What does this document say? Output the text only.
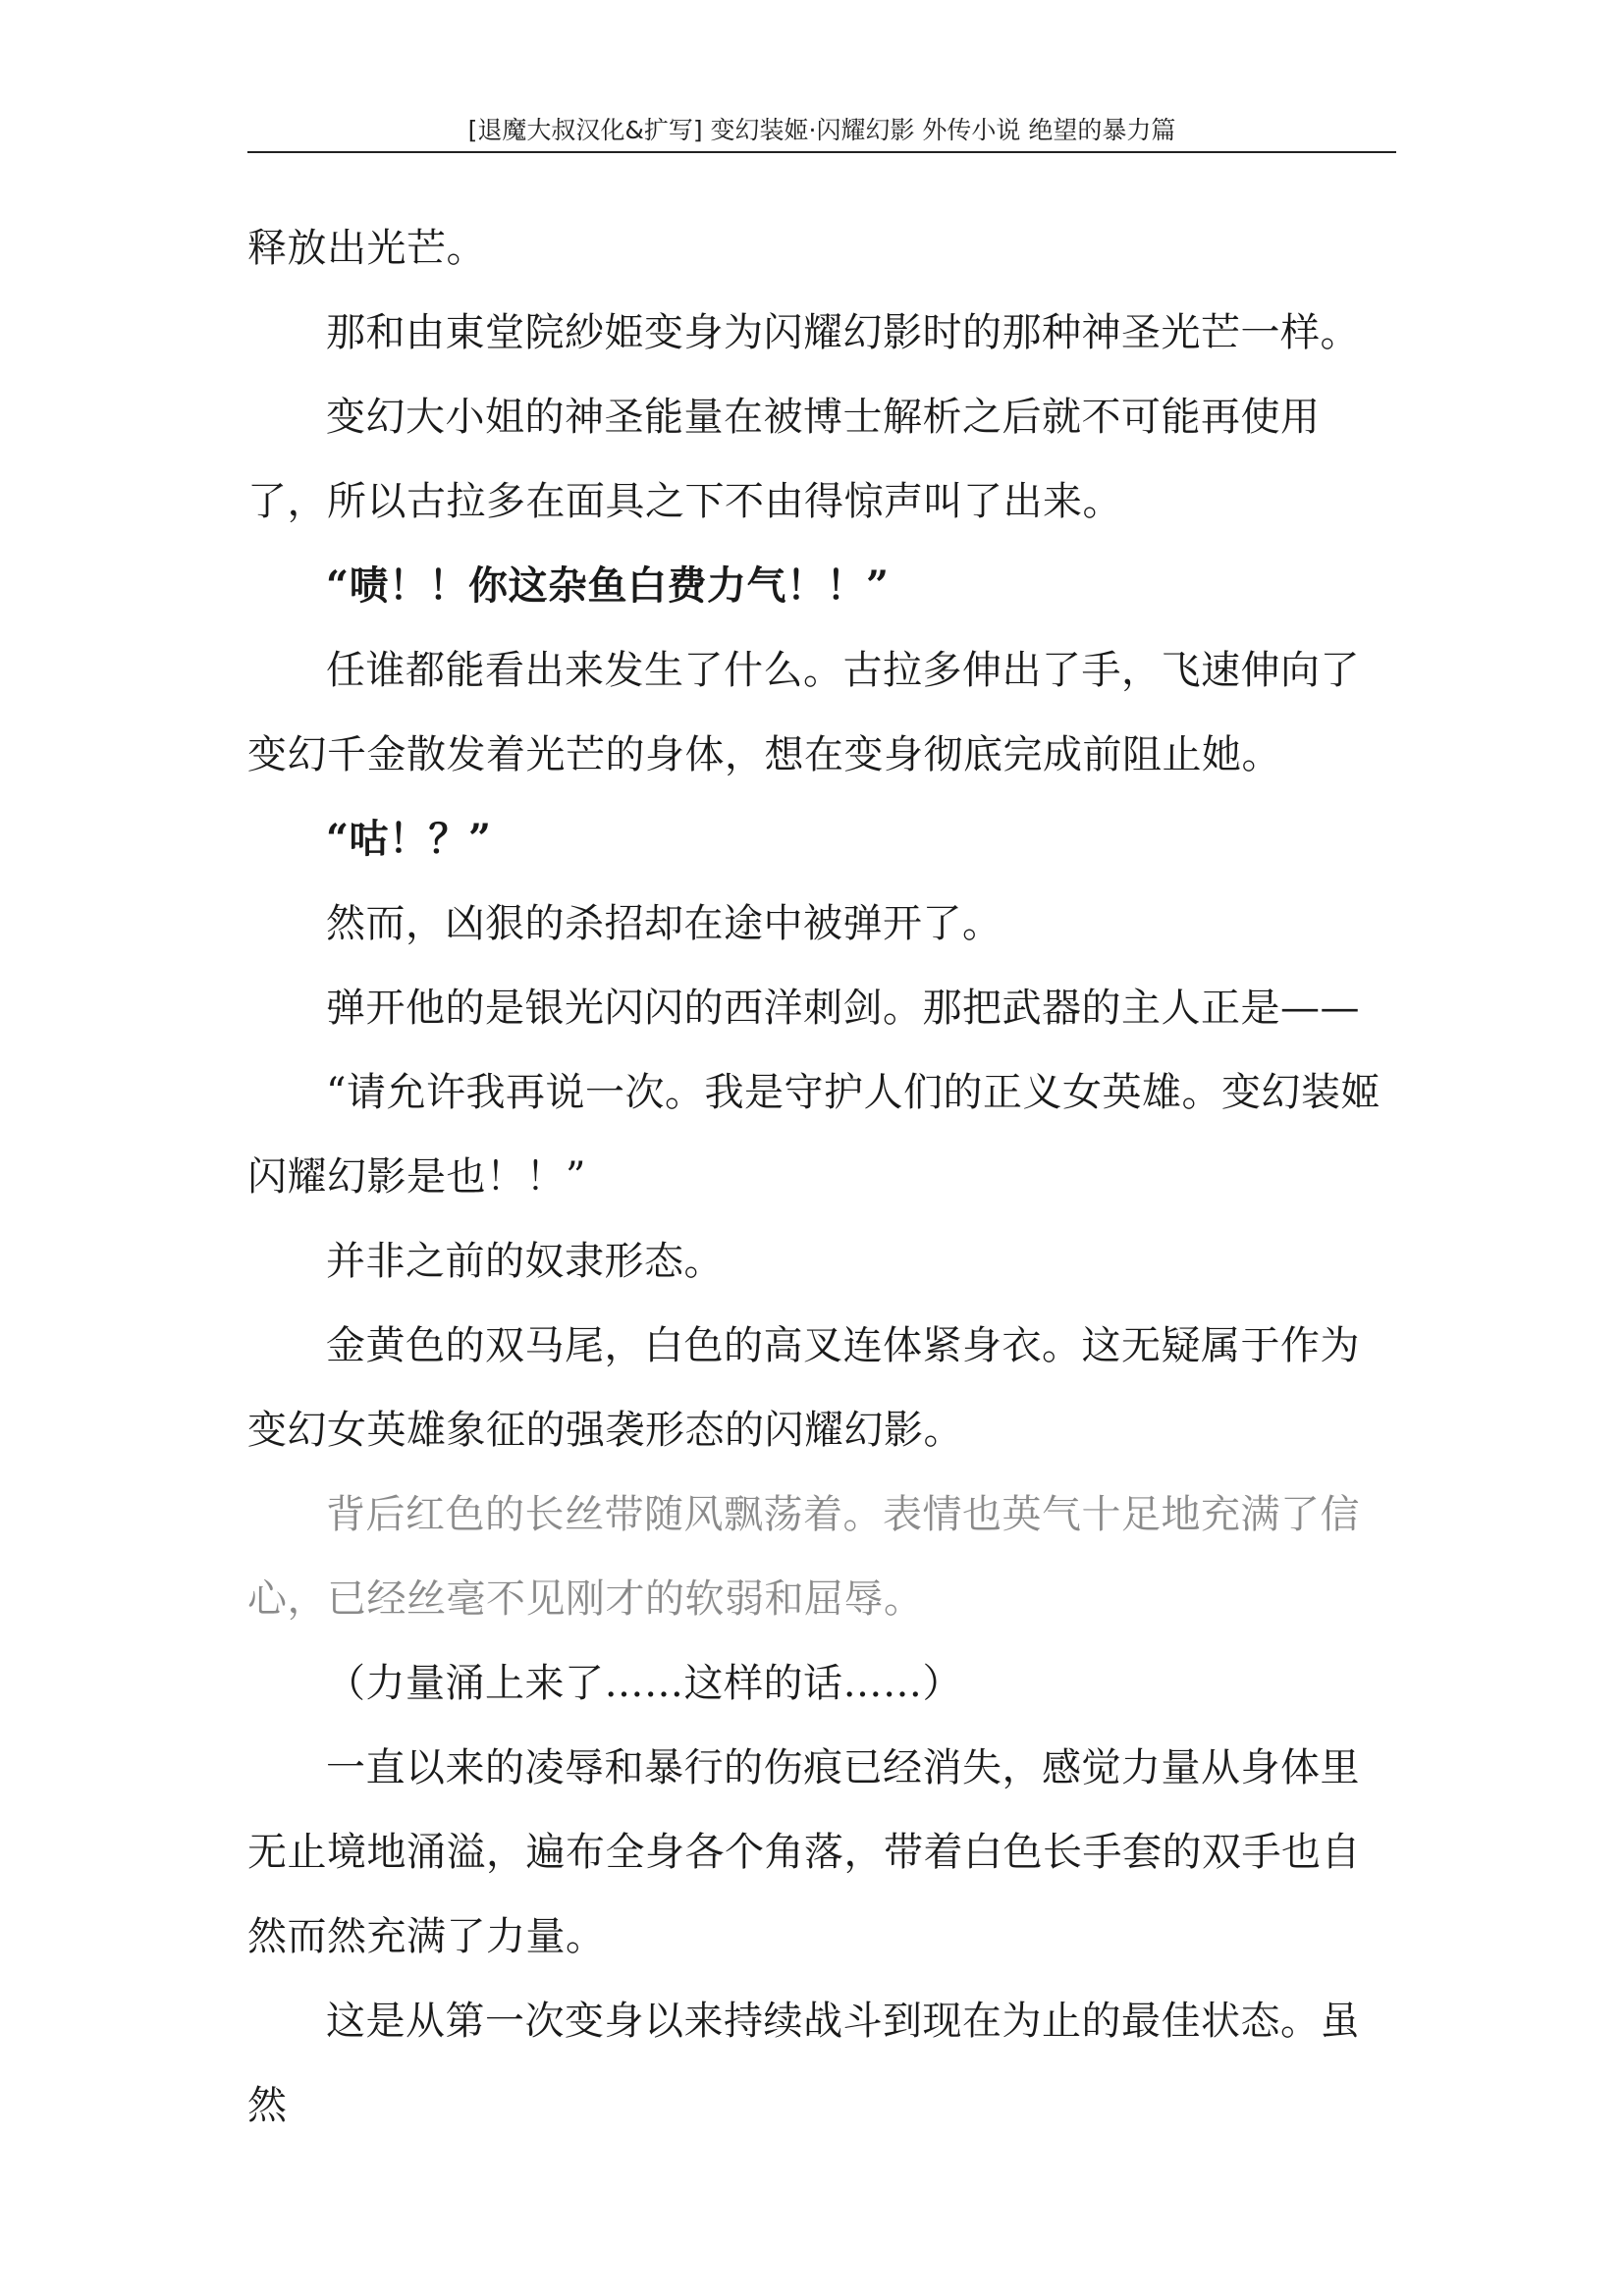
[退魔大叔汉化&扩写] 变幻装姬·闪耀幻影 外传小说 绝望的暴力篇

释放出光芒。

那和由東堂院紗姫变身为闪耀幻影时的那种神圣光芒一样。

变幻大小姐的神圣能量在被博士解析之后就不可能再使用了，所以古拉多在面具之下不由得惊声叫了出来。

“啧！！你这杂鱼白费力气！！”

任谁都能看出来发生了什么。古拉多伸出了手，飞速伸向了变幻千金散发着光芒的身体，想在变身彻底完成前阻止她。

“咕！？”

然而，凶狠的杀招却在途中被弹开了。

弹开他的是银光闪闪的西洋刺剑。那把武器的主人正是——

“请允许我再说一次。我是守护人们的正义女英雄。变幻装姬闪耀幻影是也！！”

并非之前的奴隶形态。

金黄色的双马尾，白色的高叉连体紧身衣。这无疑属于作为变幻女英雄象征的强袭形态的闪耀幻影。

背后红色的长丝带随风飘荡着。表情也英气十足地充满了信心，已经丝毫不见刚才的软弱和屈辱。

（力量涌上来了……这样的话……）

一直以来的凌辱和暴行的伤痕已经消失，感觉力量从身体里无止境地涌溢，遍布全身各个角落，带着白色长手套的双手也自然而然充满了力量。

这是从第一次变身以来持续战斗到现在为止的最佳状态。虽然
